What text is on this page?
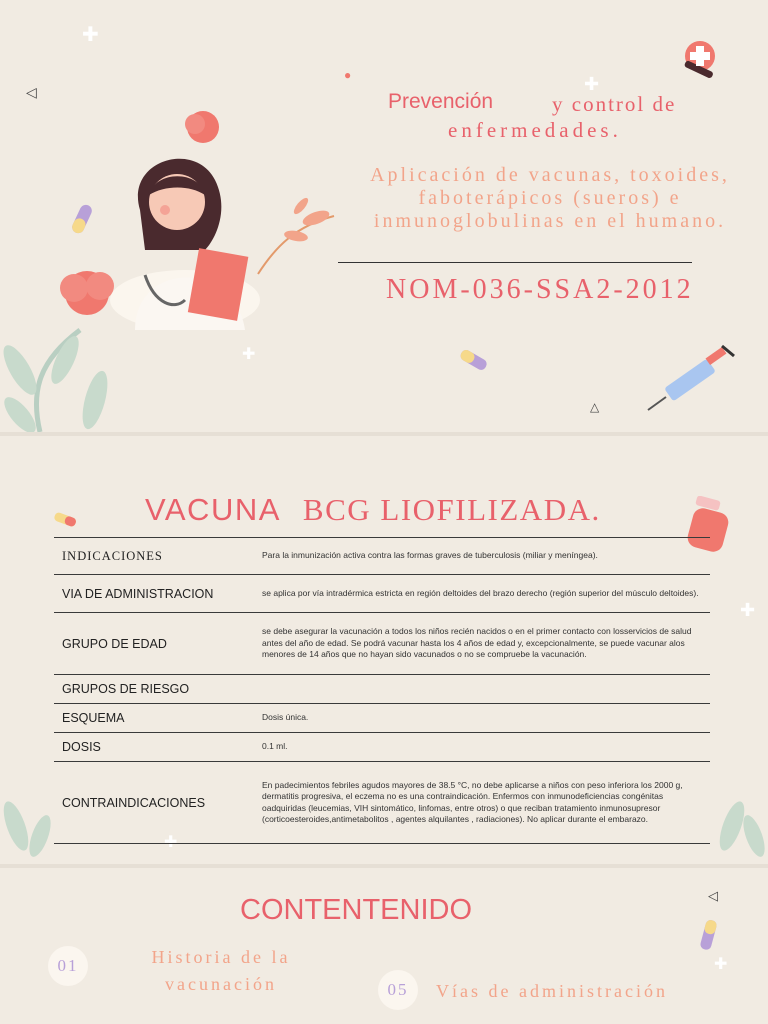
Prevención	y control de
enfermedades.
Aplicación de vacunas, toxoides, faboterápicos (sueros) e inmunoglobulinas en el humano.
NOM-036-SSA2-2012
✚
✚
✚
◁
△
●
✚
✚
VACUNA BCG LIOFILIZADA.
INDICACIONES	Para la inmunización activa contra las formas graves de tuberculosis (miliar y meníngea).
VIA DE ADMINISTRACION	se aplica por vía intradérmica estricta en región deltoides del brazo derecho (región superior del músculo deltoides).
GRUPO DE EDAD	se debe asegurar la vacunación a todos los niños recién nacidos o en el primer contacto con losservicios de salud antes del año de edad. Se podrá vacunar hasta los 4 años de edad y, excepcionalmente, se puede vacunar alos menores de 14 años que no hayan sido vacunados o no se compruebe la vacunación.
GRUPOS DE RIESGO	
ESQUEMA	Dosis única.
DOSIS	0.1 ml.
CONTRAINDICACIONES	En padecimientos febriles agudos mayores de 38.5 °C, no debe aplicarse a niños con peso inferiora los 2000 g, dermatitis progresiva, el eczema no es una contraindicación. Enfermos con inmunodeficiencias congénitas oadquiridas (leucemias, VIH sintomático, linfomas, entre otros) o que reciban tratamiento inmunosupresor (corticoesteroides,antimetabolitos , agentes alquilantes , radiaciones). No aplicar durante el embarazo.
✚
◁
CONTENTENIDO
01	Historia de la vacunación	05	Vías de administración
